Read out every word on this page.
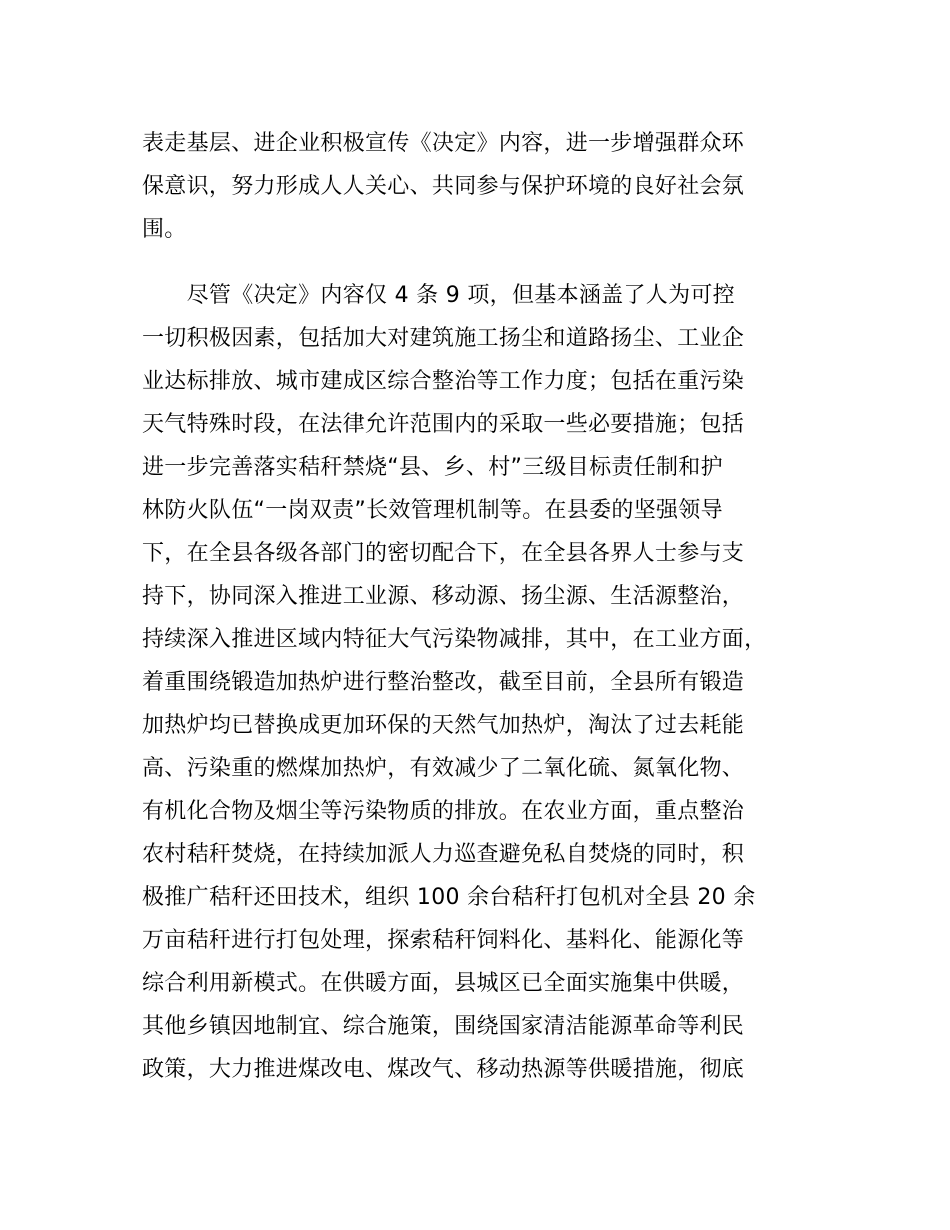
表走基层、进企业积极宣传《决定》内容，进一步增强群众环
保意识，努力形成人人关心、共同参与保护环境的良好社会氛
围。
　　尽管《决定》内容仅 4 条 9 项，但基本涵盖了人为可控
一切积极因素，包括加大对建筑施工扬尘和道路扬尘、工业企
业达标排放、城市建成区综合整治等工作力度；包括在重污染
天气特殊时段，在法律允许范围内的采取一些必要措施；包括
进一步完善落实秸秆禁烧“县、乡、村”三级目标责任制和护
林防火队伍“一岗双责”长效管理机制等。在县委的坚强领导
下，在全县各级各部门的密切配合下，在全县各界人士参与支
持下，协同深入推进工业源、移动源、扬尘源、生活源整治，
持续深入推进区域内特征大气污染物减排，其中，在工业方面，
着重围绕锻造加热炉进行整治整改，截至目前，全县所有锻造
加热炉均已替换成更加环保的天然气加热炉，淘汰了过去耗能
高、污染重的燃煤加热炉，有效减少了二氧化硫、氮氧化物、
有机化合物及烟尘等污染物质的排放。在农业方面，重点整治
农村秸秆焚烧，在持续加派人力巡查避免私自焚烧的同时，积
极推广秸秆还田技术，组织 100 余台秸秆打包机对全县 20 余
万亩秸秆进行打包处理，探索秸秆饲料化、基料化、能源化等
综合利用新模式。在供暖方面，县城区已全面实施集中供暖，
其他乡镇因地制宜、综合施策，围绕国家清洁能源革命等利民
政策，大力推进煤改电、煤改气、移动热源等供暖措施，彻底
